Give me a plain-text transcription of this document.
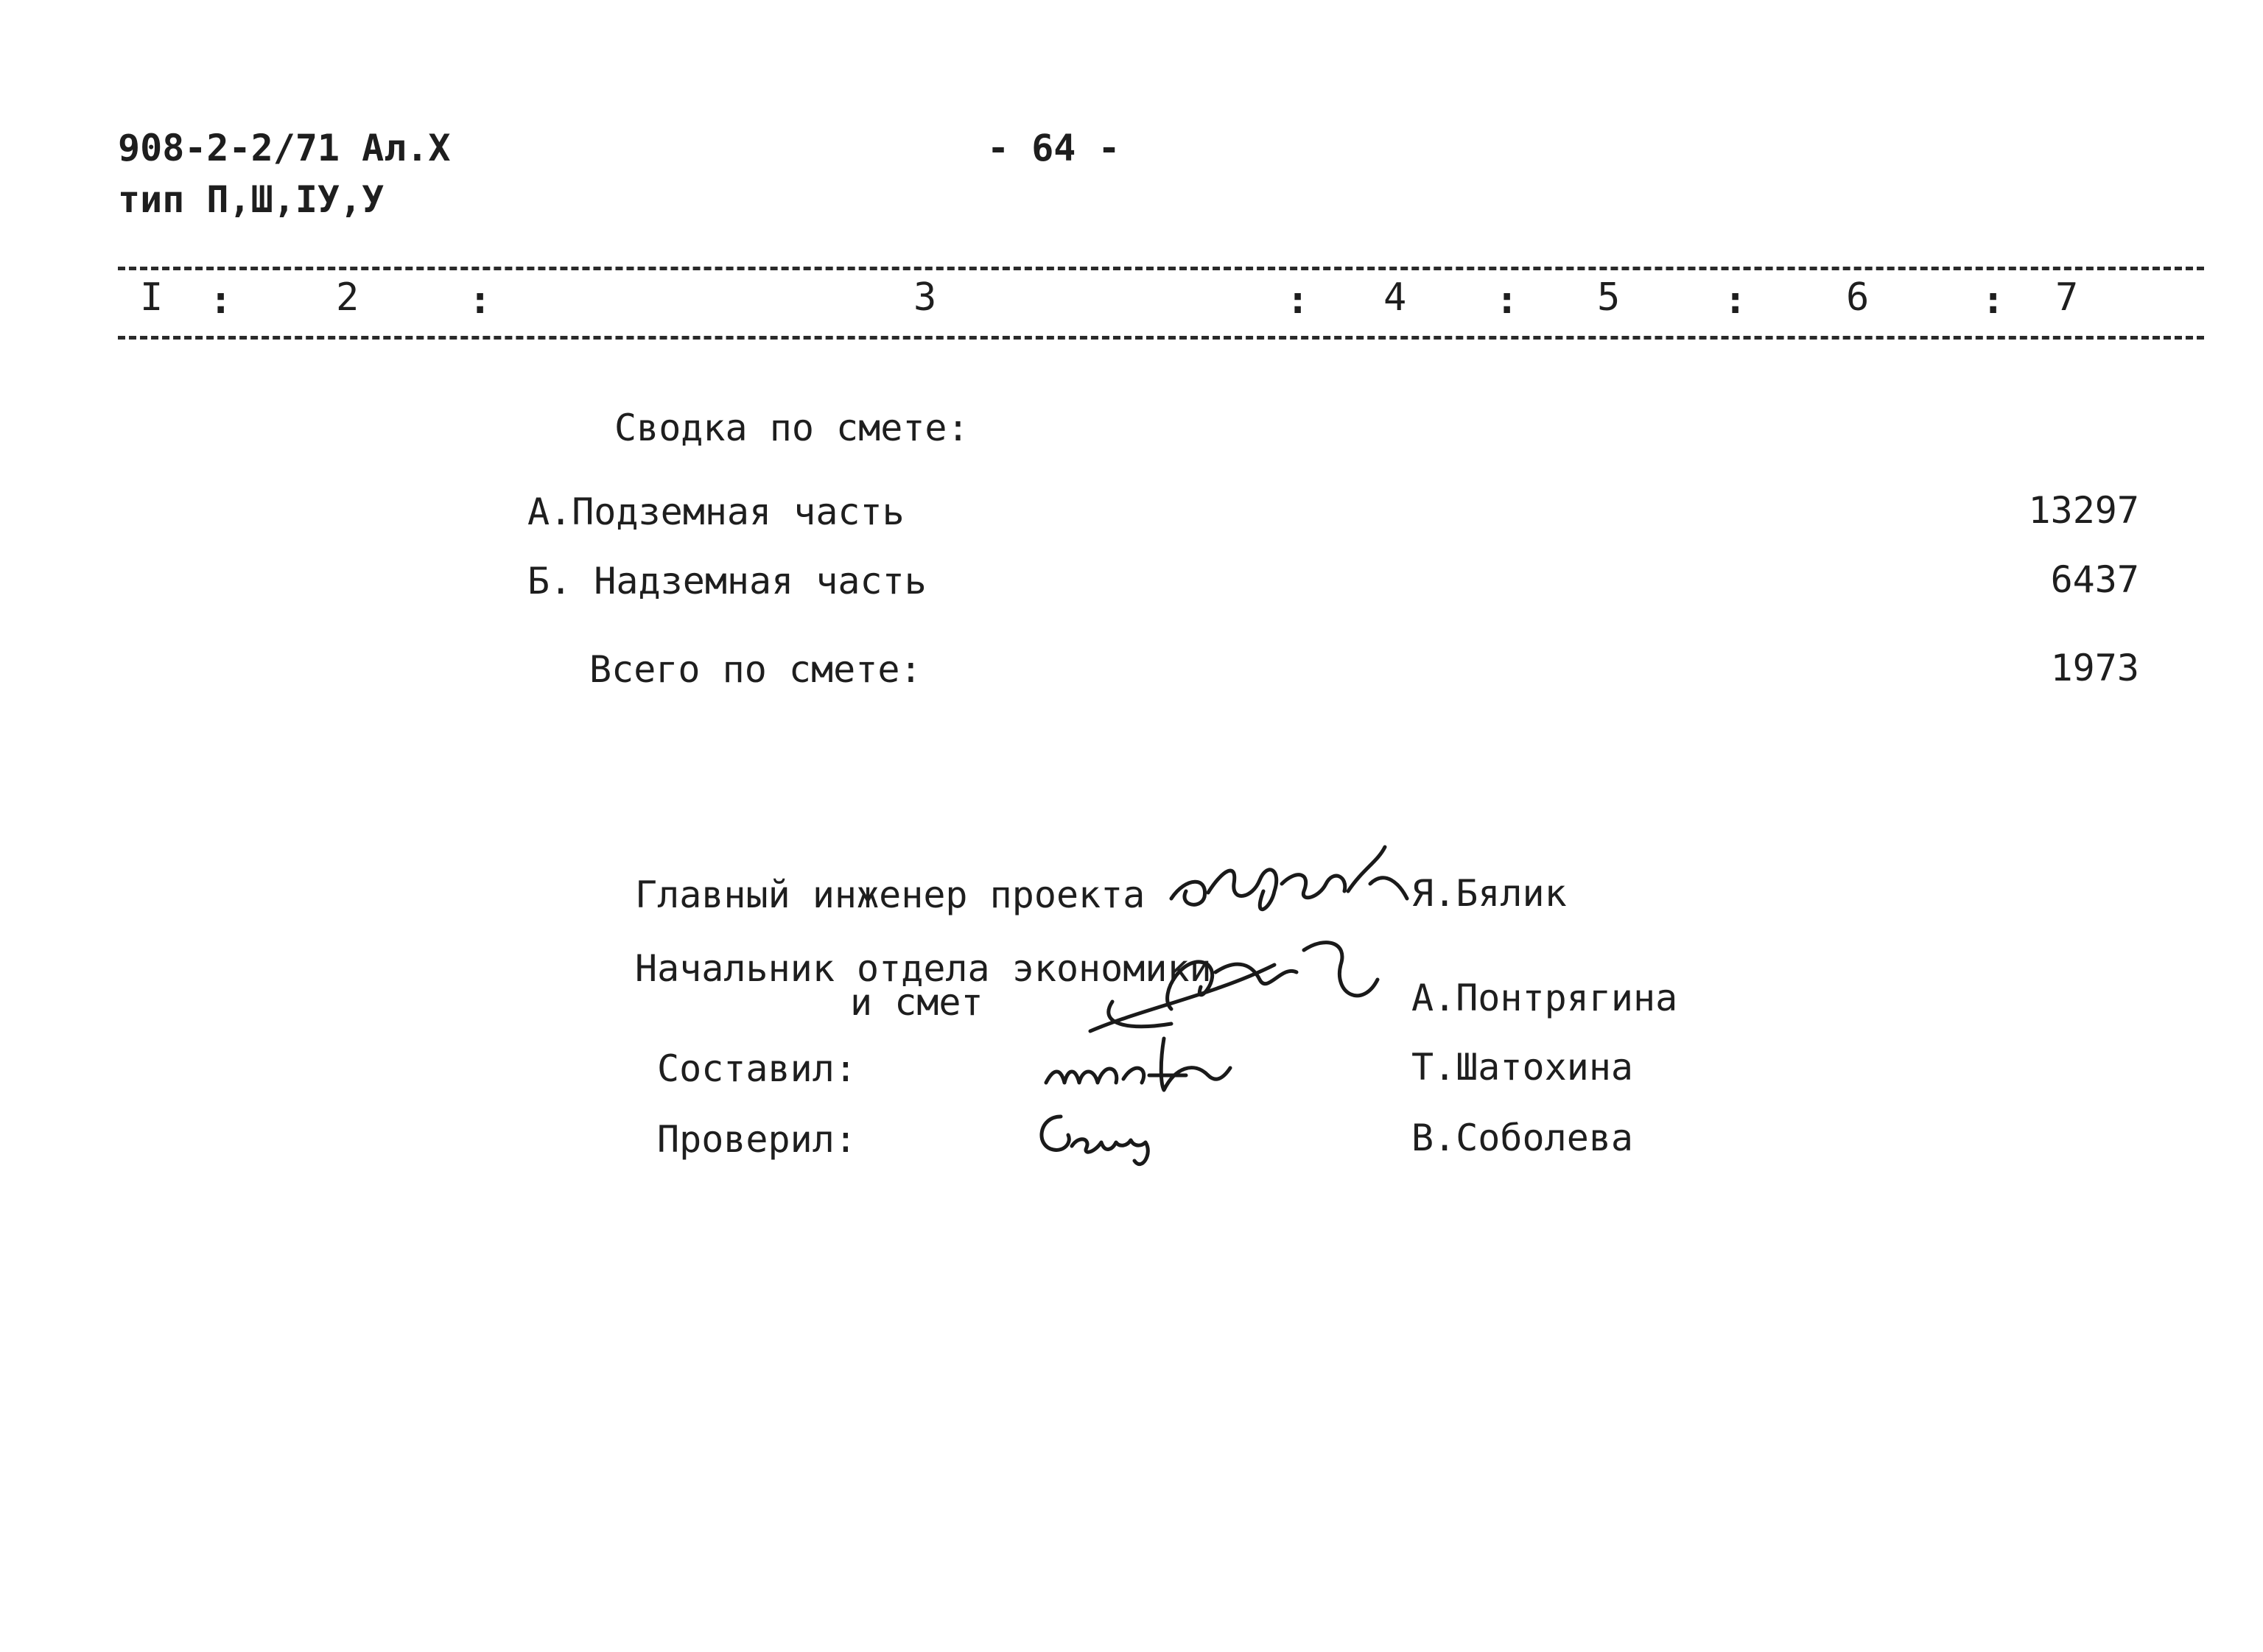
908-2-2/71 Ал.Х
тип П,Ш,IУ,У
- 64 -
I :	2	:	3	: 4 : 5	:	6	: 7
Сводка по смете:
А.Подземная часть	13297
Б. Надземная часть	6437
Всего по смете:	1973
Главный инженер проекта	Я.Бялик
Начальник отдела экономики
и смет	А.Понтрягина
Составил:	Т.Шатохина
Проверил:	В.Соболева
